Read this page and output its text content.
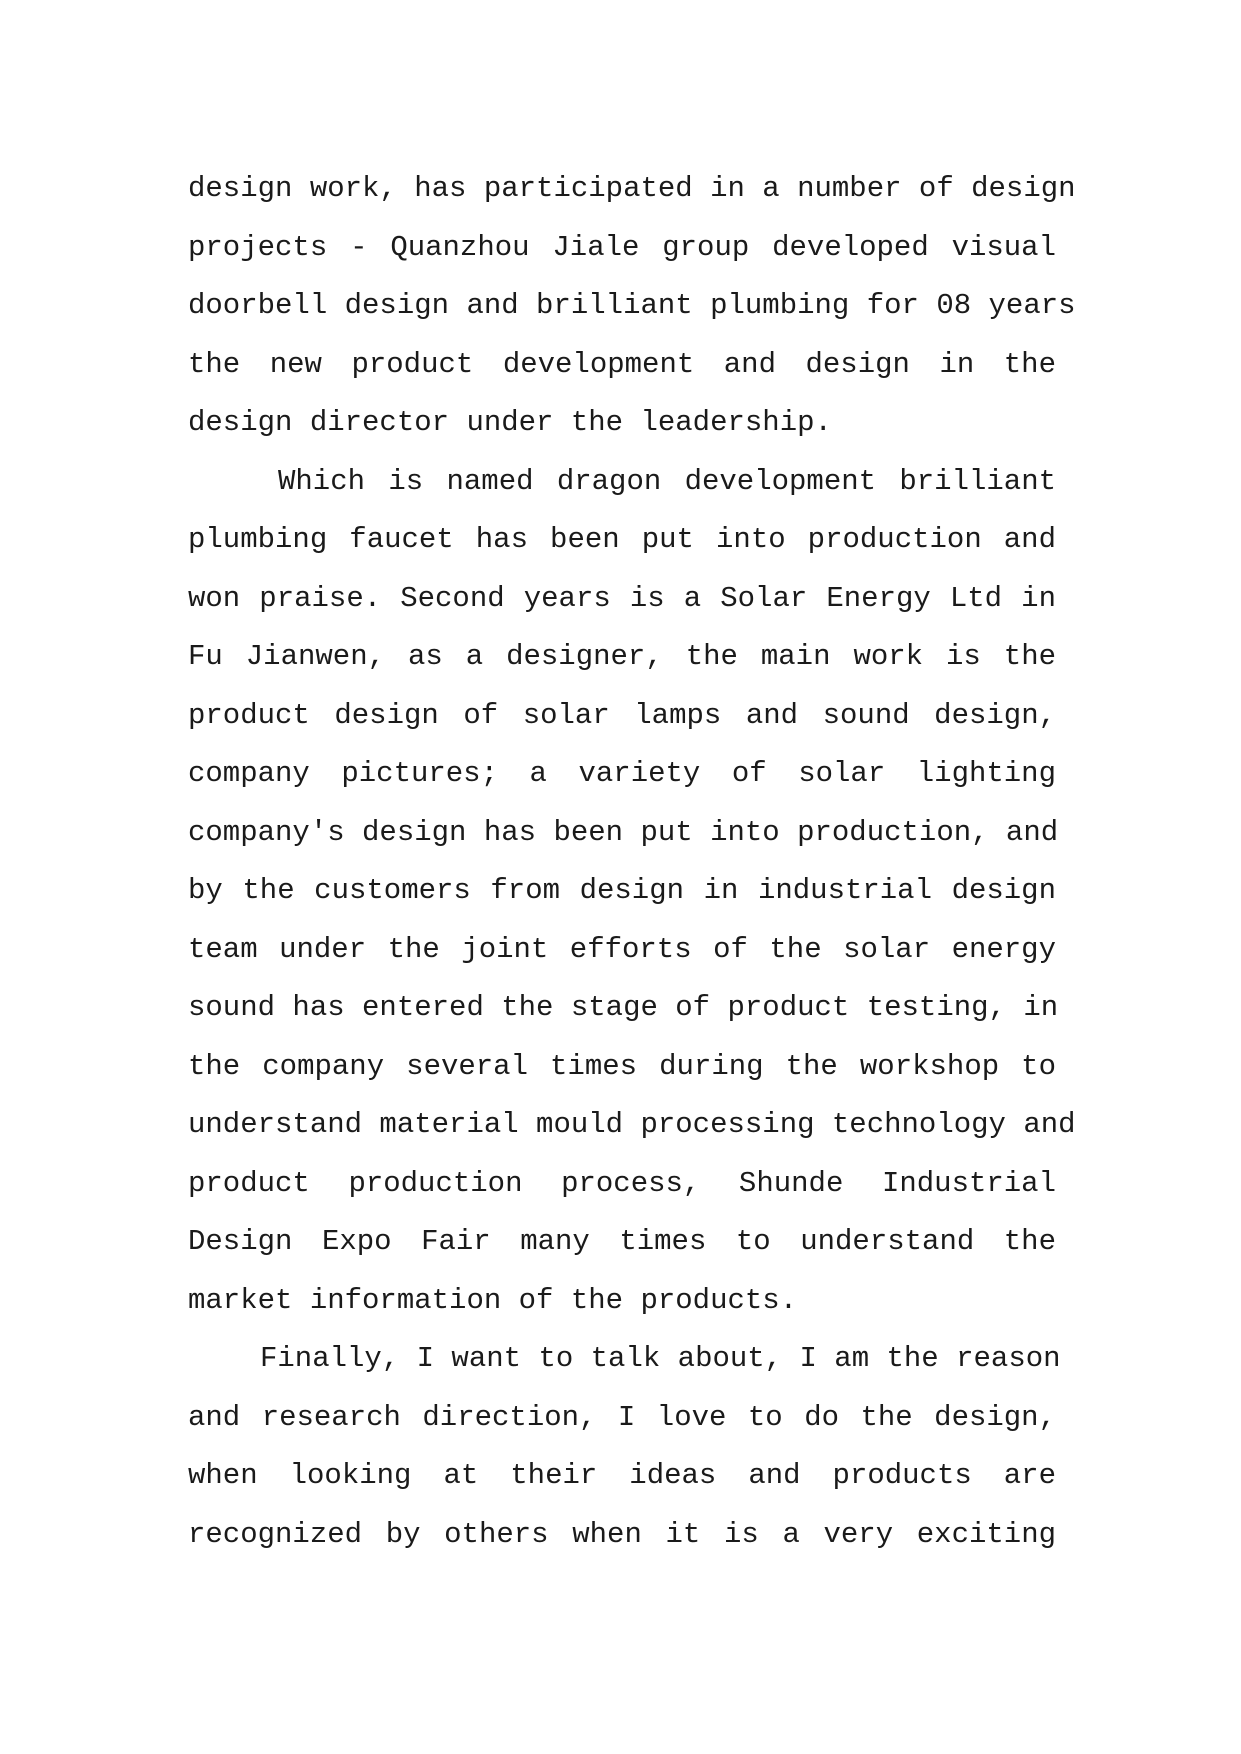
design work, has participated in a number of design
projects - Quanzhou Jiale group developed visual
doorbell design and brilliant plumbing for 08 years
the new product development and design in the
design director under the leadership.
Which is named dragon development brilliant
plumbing faucet has been put into production and
won praise. Second years is a Solar Energy Ltd in
Fu Jianwen, as a designer, the main work is the
product design of solar lamps and sound design,
company pictures; a variety of solar lighting
company's design has been put into production, and
by the customers from design in industrial design
team under the joint efforts of the solar energy
sound has entered the stage of product testing, in
the company several times during the workshop to
understand material mould processing technology and
product production process, Shunde Industrial
Design Expo Fair many times to understand the
market information of the products.
Finally, I want to talk about, I am the reason
and research direction, I love to do the design,
when looking at their ideas and products are
recognized by others when it is a very exciting
